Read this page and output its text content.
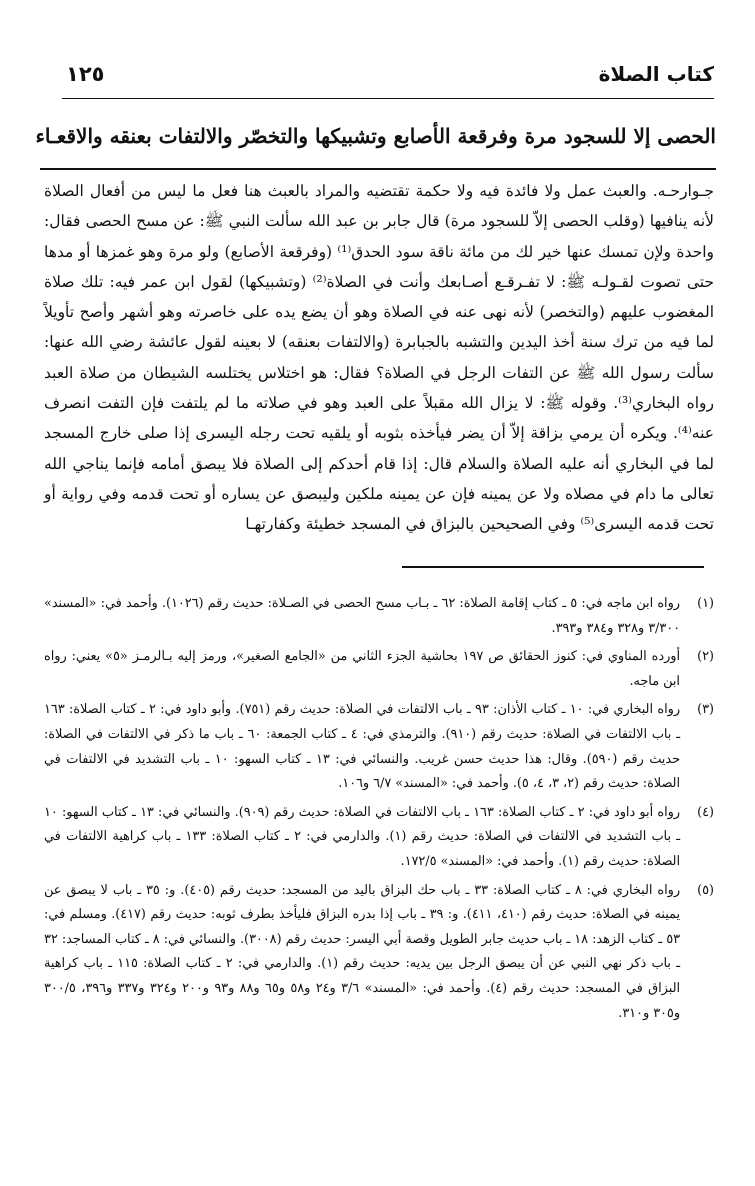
كتاب الصلاة
١٢٥
الحصى إلا للسجود مرة وفرقعة الأصابع وتشبيكها والتخصّر والالتفات بعنقه والاقعـاء

جـوارحـه. والعبث عمل ولا فائدة فيه ولا حكمة تقتضيه والمراد بالعبث هنا فعل ما ليس من أفعال الصلاة لأنه ينافيها (وقلب الحصى إلاّ للسجود مرة) قال جابر بن عبد الله سألت النبي ﷺ: عن مسح الحصى فقال: واحدة ولإن تمسك عنها خير لك من مائة ناقة سود الحدق⁽¹⁾ (وفرقعة الأصابع) ولو مرة وهو غمزها أو مدها حتى تصوت لقـولـه ﷺ: لا تفـرقـع أصـابعك وأنت في الصلاة⁽²⁾ (وتشبيكها) لقول ابن عمر فيه: تلك صلاة المغضوب عليهم (والتخصر) لأنه نهى عنه في الصلاة وهو أن يضع يده على خاصرته وهو أشهر وأصح تأويلاً لما فيه من ترك سنة أخذ اليدين والتشبه بالجبابرة (والالتفات بعنقه) لا بعينه لقول عائشة رضي الله عنها: سألت رسول الله ﷺ عن التفات الرجل في الصلاة؟ فقال: هو اختلاس يختلسه الشيطان من صلاة العبد رواه البخاري⁽³⁾. وقوله ﷺ: لا يزال الله مقبلاً على العبد وهو في صلاته ما لم يلتفت فإن التفت انصرف عنه⁽⁴⁾. ويكره أن يرمي بزاقة إلاّ أن يضر فيأخذه بثوبه أو يلقيه تحت رجله اليسرى إذا صلى خارج المسجد لما في البخاري أنه عليه الصلاة والسلام قال: إذا قام أحدكم إلى الصلاة فلا يبصق أمامه فإنما يناجي الله تعالى ما دام في مصلاه ولا عن يمينه فإن عن يمينه ملكين وليبصق عن يساره أو تحت قدمه وفي رواية أو تحت قدمه اليسرى⁽⁵⁾ وفي الصحيحين بالبزاق في المسجد خطيئة وكفارتهـا

(١)
رواه ابن ماجه في: ٥ ـ كتاب إقامة الصلاة: ٦٢ ـ بـاب مسح الحصى في الصـلاة: حديث رقم (١٠٢٦). وأحمد في: «المسند» ٣/٣٠٠ و٣٢٨ و٣٨٤ و٣٩٣.
(٢)
أورده المناوي في: كنوز الحقائق ص ١٩٧ بحاشية الجزء الثاني من «الجامع الصغير»، ورمز إليه بـالرمـز «٥» يعني: رواه ابن ماجه.
(٣)
رواه البخاري في: ١٠ ـ كتاب الأذان: ٩٣ ـ باب الالتفات في الصلاة: حديث رقم (٧٥١). وأبو داود في: ٢ ـ كتاب الصلاة: ١٦٣ ـ باب الالتفات في الصلاة: حديث رقم (٩١٠). والترمذي في: ٤ ـ كتاب الجمعة: ٦٠ ـ باب ما ذكر في الالتفات في الصلاة: حديث رقم (٥٩٠). وقال: هذا حديث حسن غريب. والنسائي في: ١٣ ـ كتاب السهو: ١٠ ـ باب التشديد في الالتفات في الصلاة: حديث رقم (٢، ٣، ٤، ٥). وأحمد في: «المسند» ٦/٧ و١٠٦.
(٤)
رواه أبو داود في: ٢ ـ كتاب الصلاة: ١٦٣ ـ باب الالتفات في الصلاة: حديث رقم (٩٠٩). والنسائي في: ١٣ ـ كتاب السهو: ١٠ ـ باب التشديد في الالتفات في الصلاة: حديث رقم (١). والدارمي في: ٢ ـ كتاب الصلاة: ١٣٣ ـ باب كراهية الالتفات في الصلاة: حديث رقم (١). وأحمد في: «المسند» ١٧٢/٥.
(٥)
رواه البخاري في: ٨ ـ كتاب الصلاة: ٣٣ ـ باب حك البزاق باليد من المسجد: حديث رقم (٤٠٥). و: ٣٥ ـ باب لا يبصق عن يمينه في الصلاة: حديث رقم (٤١٠، ٤١١). و: ٣٩ ـ باب إذا بدره البزاق فليأخذ بطرف ثوبه: حديث رقم (٤١٧). ومسلم في: ٥٣ ـ كتاب الزهد: ١٨ ـ باب حديث جابر الطويل وقصة أبي اليسر: حديث رقم (٣٠٠٨). والنسائي في: ٨ ـ كتاب المساجد: ٣٢ ـ باب ذكر نهي النبي عن أن يبصق الرجل بين يديه: حديث رقم (١). والدارمي في: ٢ ـ كتاب الصلاة: ١١٥ ـ باب كراهية البزاق في المسجد: حديث رقم (٤). وأحمد في: «المسند» ٣/٦ و٢٤ و٥٨ و٦٥ و٨٨ و٩٣ و٢٠٠ و٣٢٤ و٣٣٧ و٣٩٦، ٣٠٠/٥ و٣٠٥ و٣١٠.
